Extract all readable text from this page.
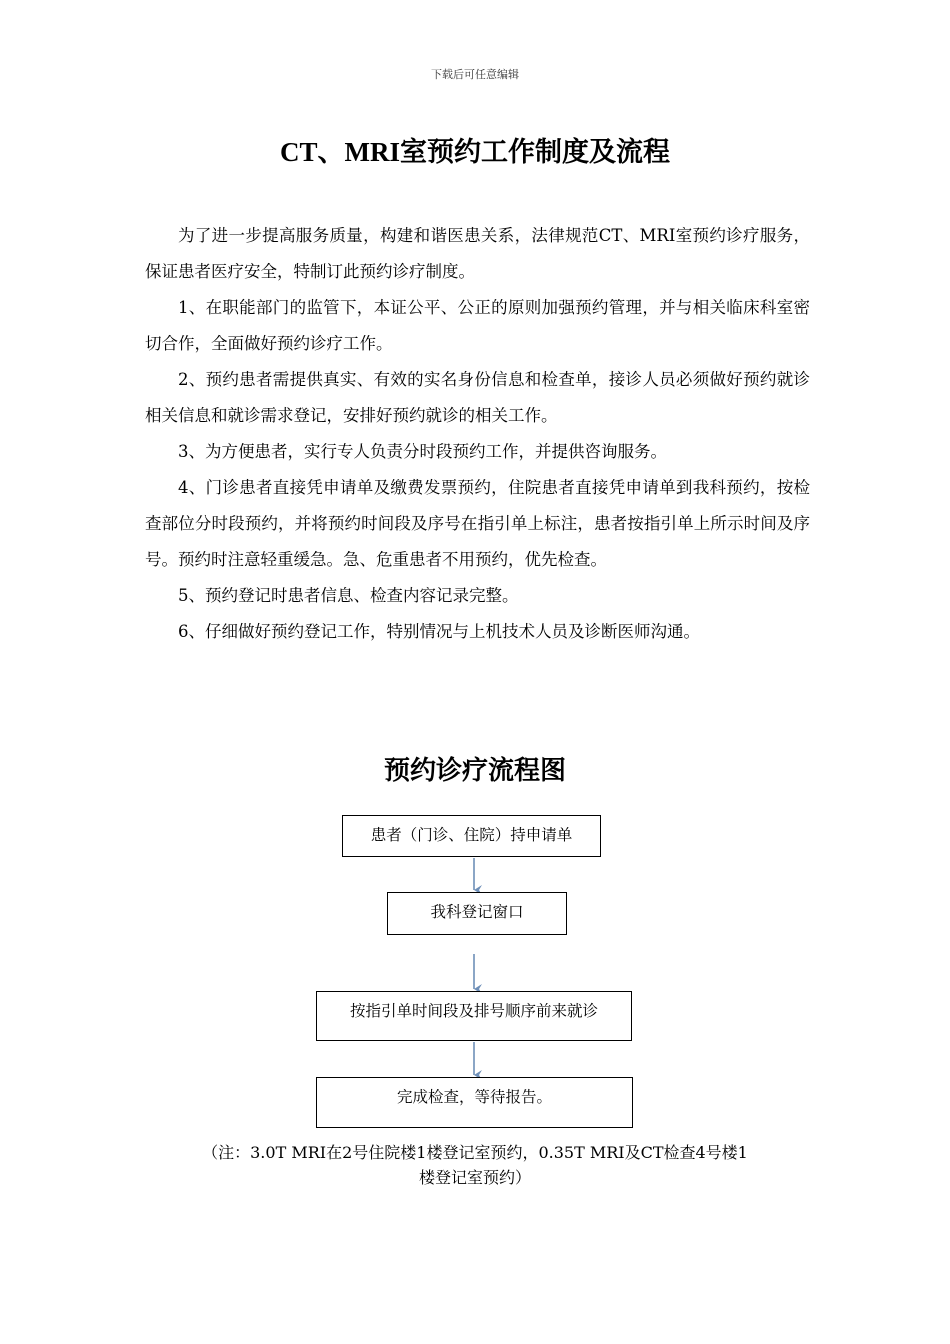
下载后可任意编辑
CT、MRI室预约工作制度及流程

为了进一步提高服务质量，构建和谐医患关系，法律规范CT、MRI室预约诊疗服务，保证患者医疗安全，特制订此预约诊疗制度。

1、在职能部门的监管下，本证公平、公正的原则加强预约管理，并与相关临床科室密切合作，全面做好预约诊疗工作。

2、预约患者需提供真实、有效的实名身份信息和检查单，接诊人员必须做好预约就诊相关信息和就诊需求登记，安排好预约就诊的相关工作。

3、为方便患者，实行专人负责分时段预约工作，并提供咨询服务。

4、门诊患者直接凭申请单及缴费发票预约，住院患者直接凭申请单到我科预约，按检查部位分时段预约，并将预约时间段及序号在指引单上标注，患者按指引单上所示时间及序号。预约时注意轻重缓急。急、危重患者不用预约，优先检查。

5、预约登记时患者信息、检查内容记录完整。

6、仔细做好预约登记工作，特别情况与上机技术人员及诊断医师沟通。

预约诊疗流程图
患者（门诊、住院）持申请单
我科登记窗口
按指引单时间段及排号顺序前来就诊
完成检查，等待报告。
（注：3.0T MRI在2号住院楼1楼登记室预约，0.35T MRI及CT检查4号楼1
楼登记室预约）
